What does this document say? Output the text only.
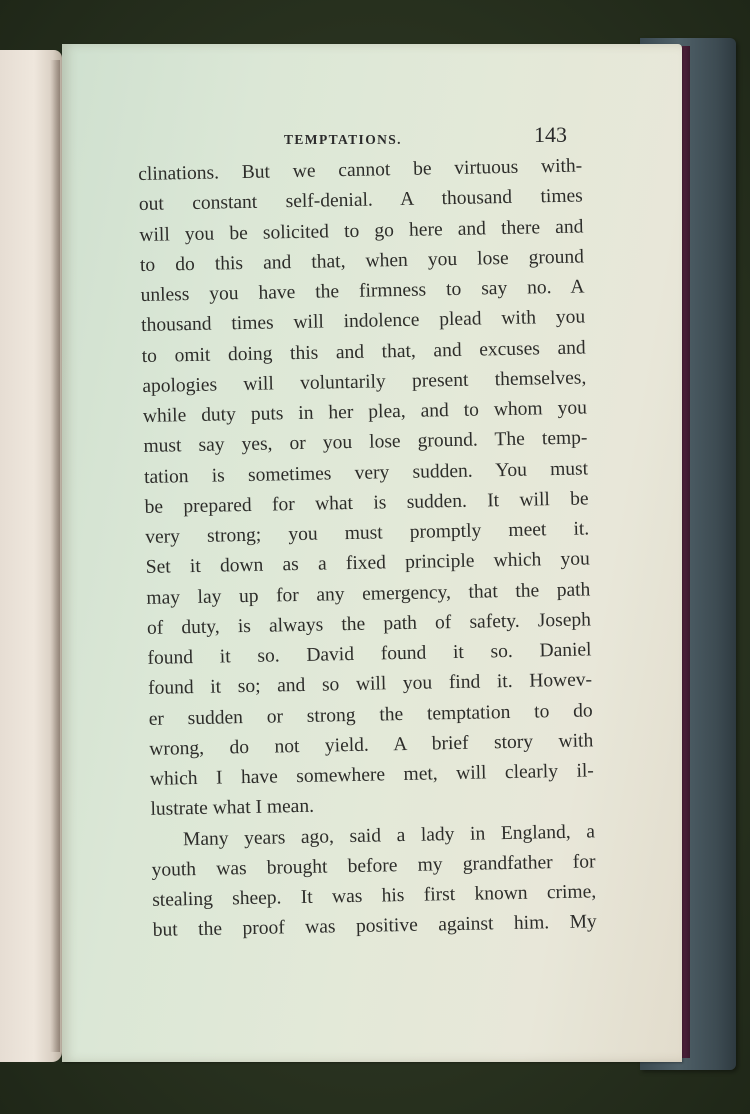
TEMPTATIONS.	143
clinations. But we cannot be virtuous with-
out constant self-denial. A thousand times
will you be solicited to go here and there and
to do this and that, when you lose ground
unless you have the firmness to say no. A
thousand times will indolence plead with you
to omit doing this and that, and excuses and
apologies will voluntarily present themselves,
while duty puts in her plea, and to whom you
must say yes, or you lose ground. The temp-
tation is sometimes very sudden. You must
be prepared for what is sudden. It will be
very strong; you must promptly meet it.
Set it down as a fixed principle which you
may lay up for any emergency, that the path
of duty, is always the path of safety. Joseph
found it so. David found it so. Daniel
found it so; and so will you find it. Howev-
er sudden or strong the temptation to do
wrong, do not yield. A brief story with
which I have somewhere met, will clearly il-
lustrate what I mean.
Many years ago, said a lady in England, a
youth was brought before my grandfather for
stealing sheep. It was his first known crime,
but the proof was positive against him. My
